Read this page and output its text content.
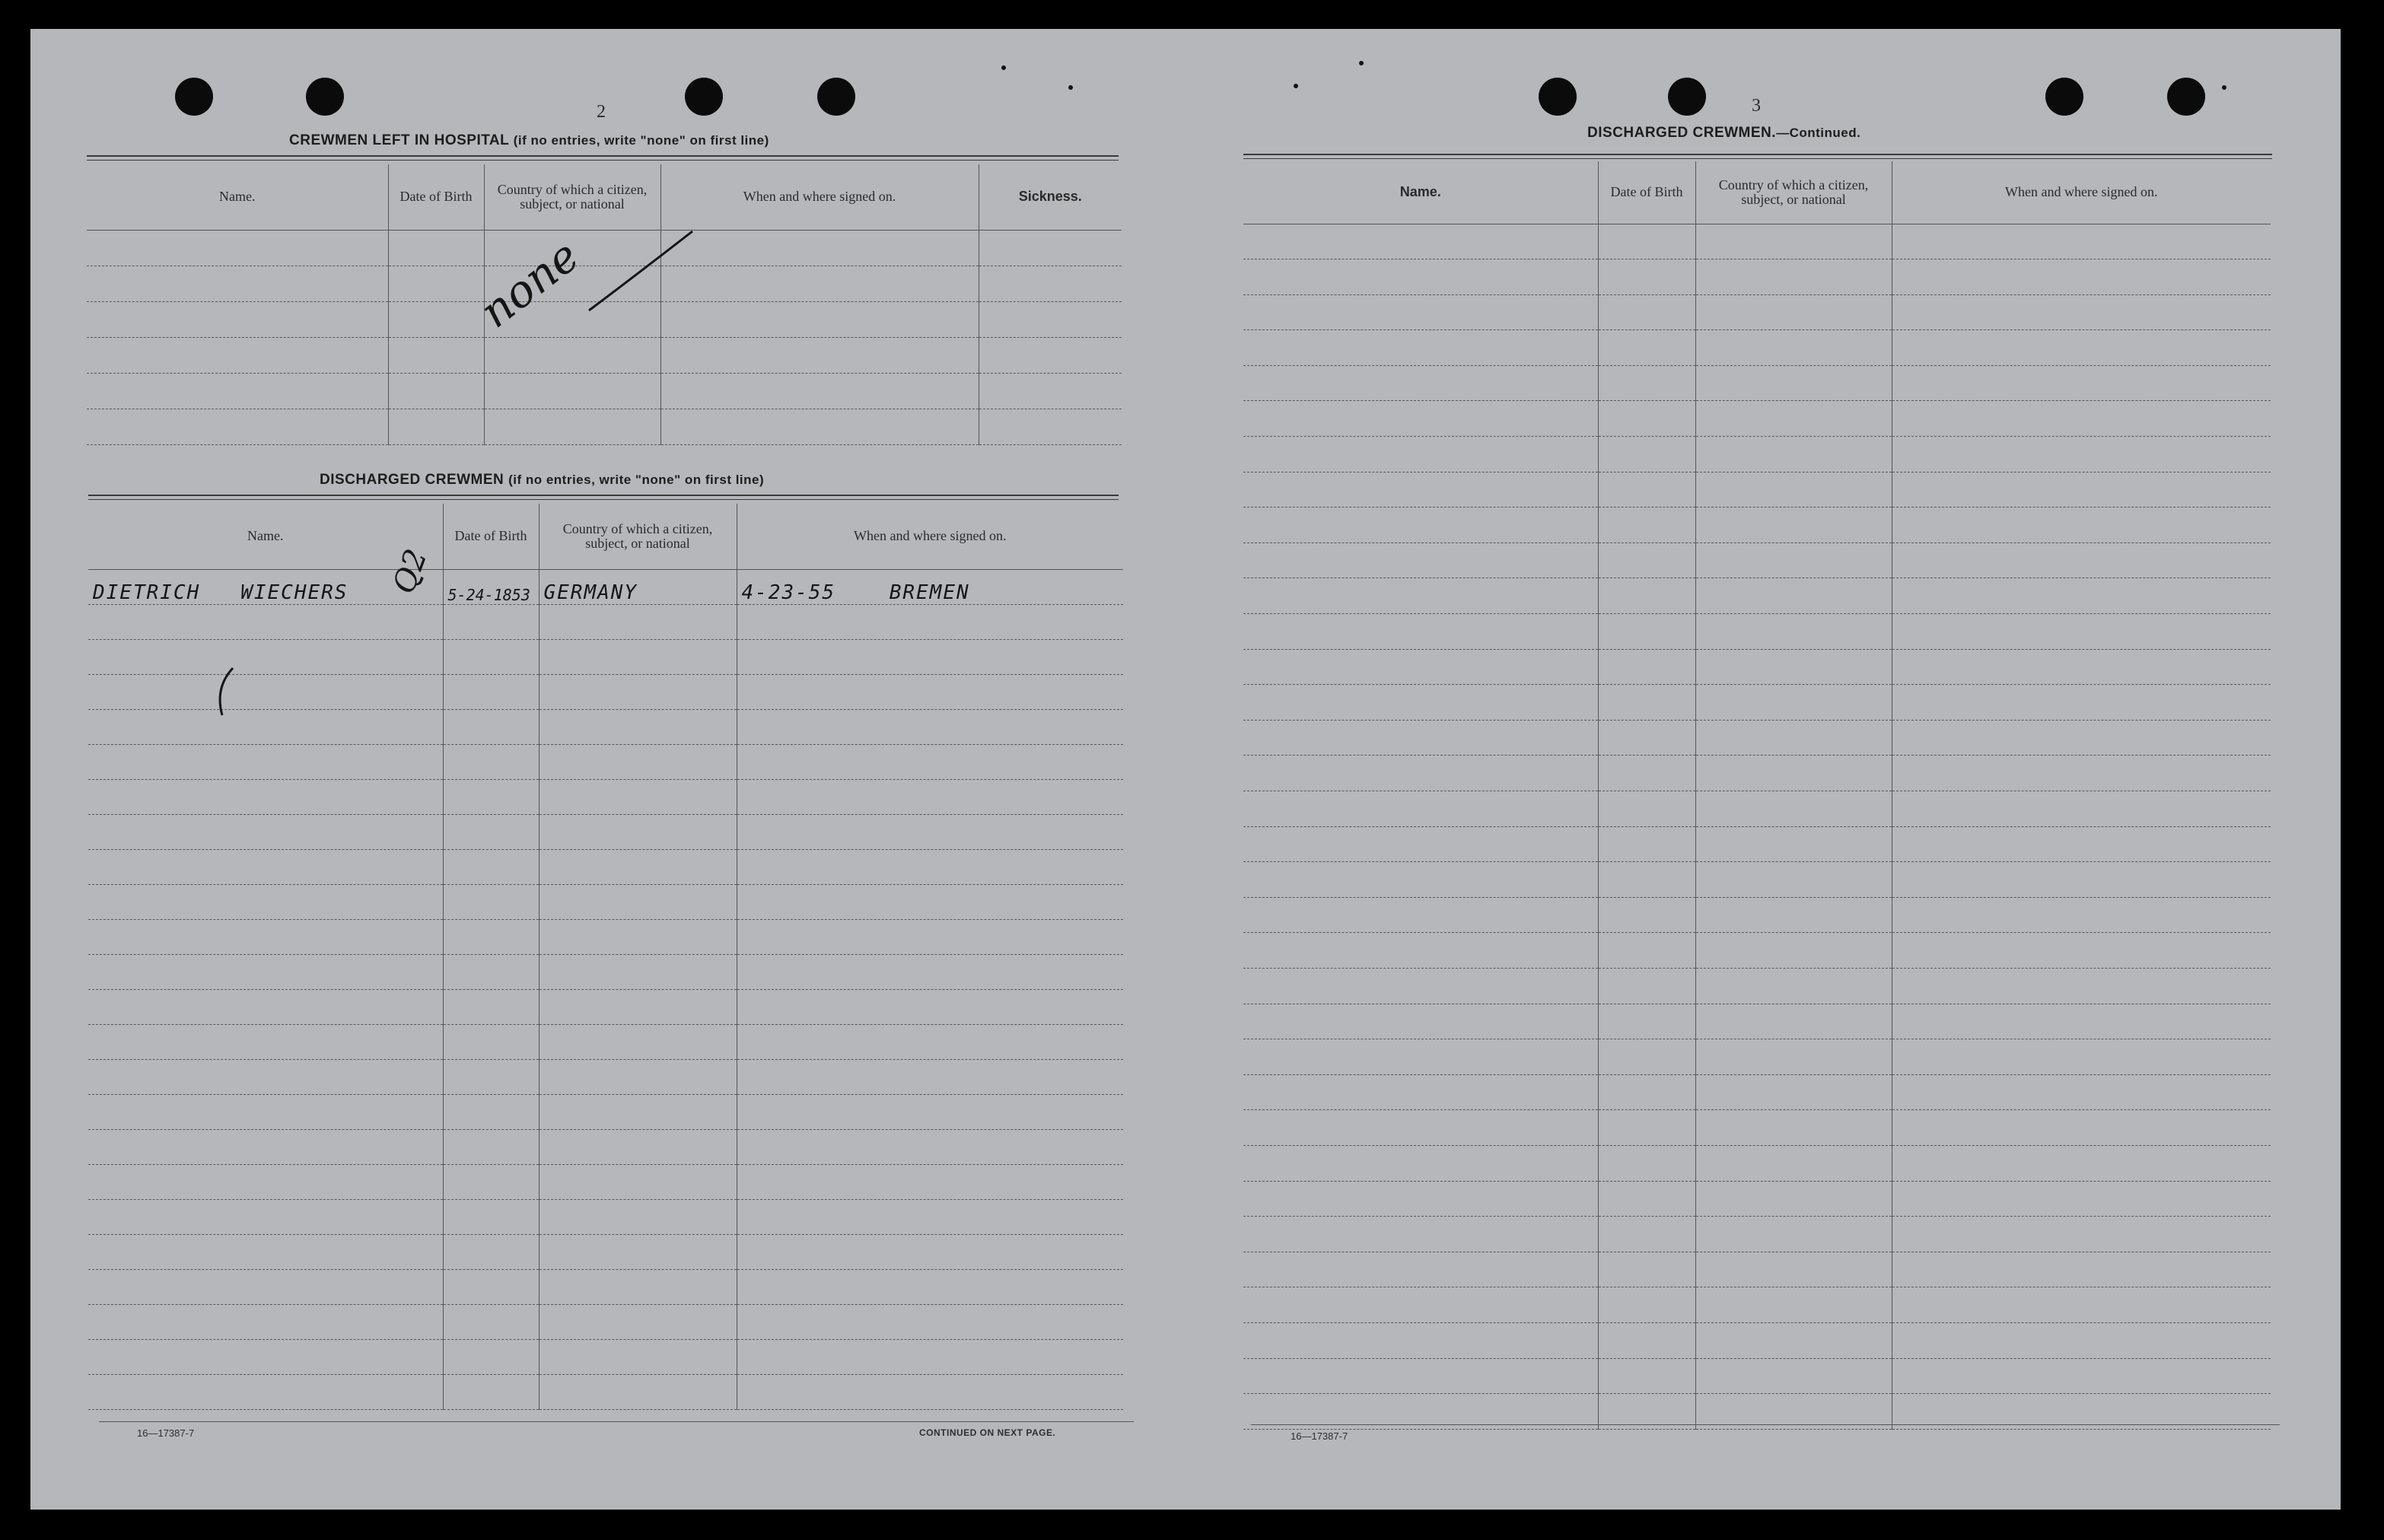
2
CREWMEN LEFT IN HOSPITAL (if no entries, write "none" on first line)
Name.	Date of Birth	Country of which a citizen, subject, or national	When and where signed on.	Sickness.

none
DISCHARGED CREWMEN (if no entries, write "none" on first line)
Name.	Date of Birth	Country of which a citizen, subject, or national	When and where signed on.
DIETRICH WIECHERS	5-24-1853	GERMANY	4-23-55 BREMEN

Q2
16—17387-7	CONTINUED ON NEXT PAGE.
3
DISCHARGED CREWMEN.—Continued.
Name.	Date of Birth	Country of which a citizen, subject, or national	When and where signed on.

16—17387-7
